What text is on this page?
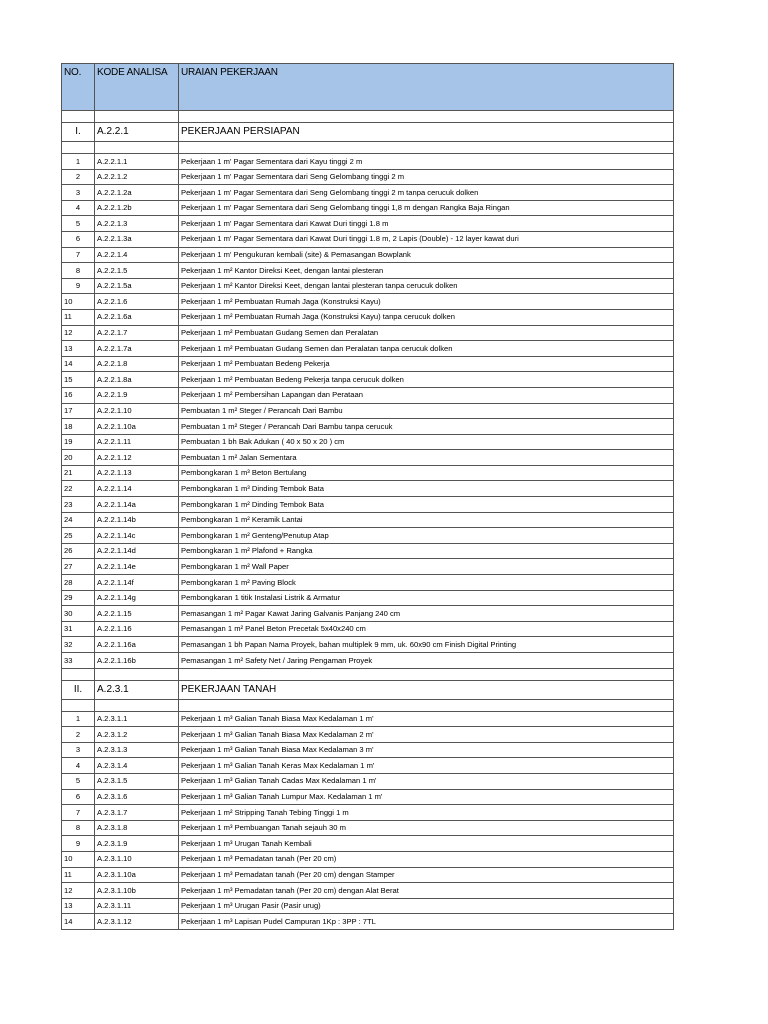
NO.	KODE ANALISA	URAIAN PEKERJAAN

I.	A.2.2.1	PEKERJAAN PERSIAPAN

1	A.2.2.1.1	Pekerjaan 1 m' Pagar Sementara dari Kayu tinggi 2 m
2	A.2.2.1.2	Pekerjaan 1 m' Pagar Sementara dari Seng Gelombang tinggi 2 m
3	A.2.2.1.2a	Pekerjaan 1 m' Pagar Sementara dari Seng Gelombang tinggi 2 m tanpa cerucuk dolken
4	A.2.2.1.2b	Pekerjaan 1 m' Pagar Sementara dari Seng Gelombang tinggi 1,8 m dengan Rangka Baja Ringan
5	A.2.2.1.3	Pekerjaan 1 m' Pagar Sementara dari Kawat Duri tinggi 1.8 m
6	A.2.2.1.3a	Pekerjaan 1 m' Pagar Sementara dari Kawat Duri tinggi 1.8 m, 2 Lapis (Double) - 12 layer kawat duri
7	A.2.2.1.4	Pekerjaan 1 m' Pengukuran kembali (site) & Pemasangan Bowplank
8	A.2.2.1.5	Pekerjaan 1 m² Kantor Direksi Keet, dengan lantai plesteran
9	A.2.2.1.5a	Pekerjaan 1 m² Kantor Direksi Keet, dengan lantai plesteran tanpa cerucuk dolken
10	A.2.2.1.6	Pekerjaan 1 m² Pembuatan Rumah Jaga (Konstruksi Kayu)
11	A.2.2.1.6a	Pekerjaan 1 m² Pembuatan Rumah Jaga (Konstruksi Kayu) tanpa cerucuk dolken
12	A.2.2.1.7	Pekerjaan 1 m² Pembuatan Gudang Semen dan Peralatan
13	A.2.2.1.7a	Pekerjaan 1 m² Pembuatan Gudang Semen dan Peralatan tanpa cerucuk dolken
14	A.2.2.1.8	Pekerjaan 1 m² Pembuatan Bedeng Pekerja
15	A.2.2.1.8a	Pekerjaan 1 m² Pembuatan Bedeng Pekerja tanpa cerucuk dolken
16	A.2.2.1.9	Pekerjaan 1 m² Pembersihan Lapangan dan Perataan
17	A.2.2.1.10	Pembuatan 1 m² Steger / Perancah Dari Bambu
18	A.2.2.1.10a	Pembuatan 1 m² Steger / Perancah Dari Bambu tanpa cerucuk
19	A.2.2.1.11	Pembuatan 1 bh Bak Adukan ( 40 x 50 x 20 ) cm
20	A.2.2.1.12	Pembuatan 1 m² Jalan Sementara
21	A.2.2.1.13	Pembongkaran 1 m³ Beton Bertulang
22	A.2.2.1.14	Pembongkaran 1 m³ Dinding Tembok Bata
23	A.2.2.1.14a	Pembongkaran 1 m² Dinding Tembok Bata
24	A.2.2.1.14b	Pembongkaran 1 m² Keramik Lantai
25	A.2.2.1.14c	Pembongkaran 1 m² Genteng/Penutup Atap
26	A.2.2.1.14d	Pembongkaran 1 m² Plafond + Rangka
27	A.2.2.1.14e	Pembongkaran 1 m² Wall Paper
28	A.2.2.1.14f	Pembongkaran 1 m² Paving Block
29	A.2.2.1.14g	Pembongkaran 1 titik Instalasi Listrik & Armatur
30	A.2.2.1.15	Pemasangan 1 m² Pagar Kawat Jaring Galvanis Panjang 240 cm
31	A.2.2.1.16	Pemasangan 1 m² Panel Beton Precetak 5x40x240 cm
32	A.2.2.1.16a	Pemasangan 1 bh Papan Nama Proyek, bahan multiplek 9 mm, uk. 60x90 cm Finish Digital Printing
33	A.2.2.1.16b	Pemasangan 1 m² Safety Net / Jaring Pengaman Proyek

II.	A.2.3.1	PEKERJAAN TANAH

1	A.2.3.1.1	Pekerjaan 1 m³ Galian Tanah Biasa Max Kedalaman 1 m'
2	A.2.3.1.2	Pekerjaan 1 m³ Galian Tanah Biasa Max Kedalaman 2 m'
3	A.2.3.1.3	Pekerjaan 1 m³ Galian Tanah Biasa Max Kedalaman 3 m'
4	A.2.3.1.4	Pekerjaan 1 m³ Galian Tanah Keras Max Kedalaman 1 m'
5	A.2.3.1.5	Pekerjaan 1 m³ Galian Tanah Cadas Max Kedalaman 1 m'
6	A.2.3.1.6	Pekerjaan 1 m³ Galian Tanah Lumpur Max. Kedalaman 1 m'
7	A.2.3.1.7	Pekerjaan 1 m² Stripping Tanah Tebing Tinggi 1 m
8	A.2.3.1.8	Pekerjaan 1 m³ Pembuangan Tanah sejauh 30 m
9	A.2.3.1.9	Pekerjaan 1 m³ Urugan Tanah Kembali
10	A.2.3.1.10	Pekerjaan 1 m³ Pemadatan tanah (Per 20 cm)
11	A.2.3.1.10a	Pekerjaan 1 m³ Pemadatan tanah (Per 20 cm) dengan Stamper
12	A.2.3.1.10b	Pekerjaan 1 m³ Pemadatan tanah (Per 20 cm) dengan Alat Berat
13	A.2.3.1.11	Pekerjaan 1 m³ Urugan Pasir (Pasir urug)
14	A.2.3.1.12	Pekerjaan 1 m³ Lapisan Pudel Campuran 1Kp : 3PP : 7TL
